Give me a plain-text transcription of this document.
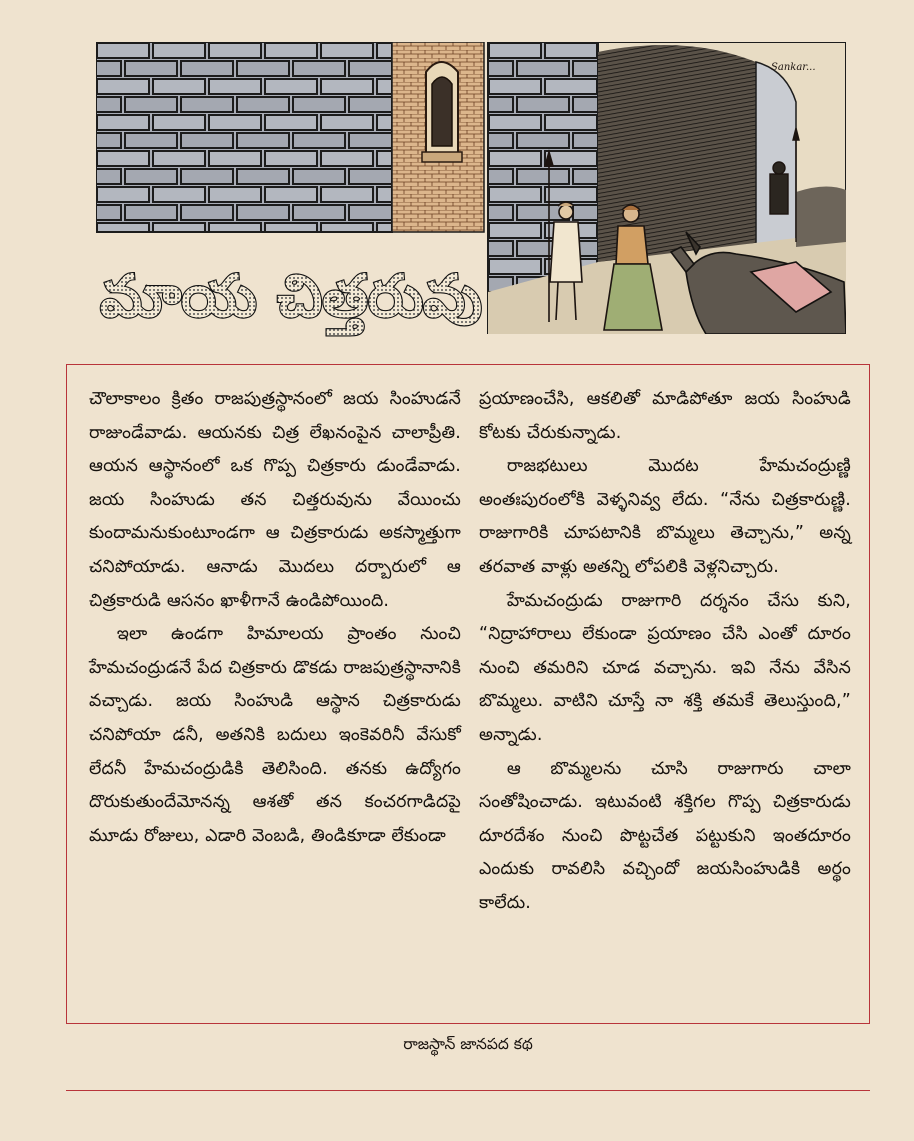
Sankar...
మాయ చిత్తరువు

చౌలాకాలం క్రితం రాజపుత్రస్థానంలో జయ సింహుడనే రాజుండేవాడు. ఆయనకు చిత్ర లేఖనంపైన చాలాప్రీతి. ఆయన ఆస్థానంలో ఒక గొప్ప చిత్రకారు డుండేవాడు. జయ సింహుడు తన చిత్తరువును వేయించు కుందామనుకుంటూండగా ఆ చిత్రకారుడు అకస్మాత్తుగా చనిపోయాడు. ఆనాడు మొదలు దర్బారులో ఆ చిత్రకారుడి ఆసనం ఖాళీగానే ఉండిపోయింది.

ఇలా ఉండగా హిమాలయ ప్రాంతం నుంచి హేమచంద్రుడనే పేద చిత్రకారు డొకడు రాజపుత్రస్థానానికి వచ్చాడు. జయ సింహుడి ఆస్థాన చిత్రకారుడు చనిపోయా డనీ, అతనికి బదులు ఇంకెవరినీ వేసుకో లేదనీ హేమచంద్రుడికి తెలిసింది. తనకు ఉద్యోగం దొరుకుతుందేమోనన్న ఆశతో తన కంచరగాడిదపై మూడు రోజులు, ఎడారి వెంబడి, తిండికూడా లేకుండా

ప్రయాణంచేసి, ఆకలితో మాడిపోతూ జయ సింహుడి కోటకు చేరుకున్నాడు.

రాజభటులు మొదట హేమచంద్రుణ్ణి అంతఃపురంలోకి వెళ్ళనివ్వ లేదు. “నేను చిత్రకారుణ్ణి. రాజుగారికి చూపటానికి బొమ్మలు తెచ్చాను,” అన్న తరవాత వాళ్లు అతన్ని లోపలికి వెళ్లనిచ్చారు.

హేమచంద్రుడు రాజుగారి దర్శనం చేసు కుని, “నిద్రాహారాలు లేకుండా ప్రయాణం చేసి ఎంతో దూరం నుంచి తమరిని చూడ వచ్చాను. ఇవి నేను వేసిన బొమ్మలు. వాటిని చూస్తే నా శక్తి తమకే తెలుస్తుంది,” అన్నాడు.

ఆ బొమ్మలను చూసి రాజుగారు చాలా సంతోషించాడు. ఇటువంటి శక్తిగల గొప్ప చిత్రకారుడు దూరదేశం నుంచి పొట్టచేత పట్టుకుని ఇంతదూరం ఎందుకు రావలిసి వచ్చిందో జయసింహుడికి అర్థం కాలేదు.

రాజస్థాన్ జానపద కథ
